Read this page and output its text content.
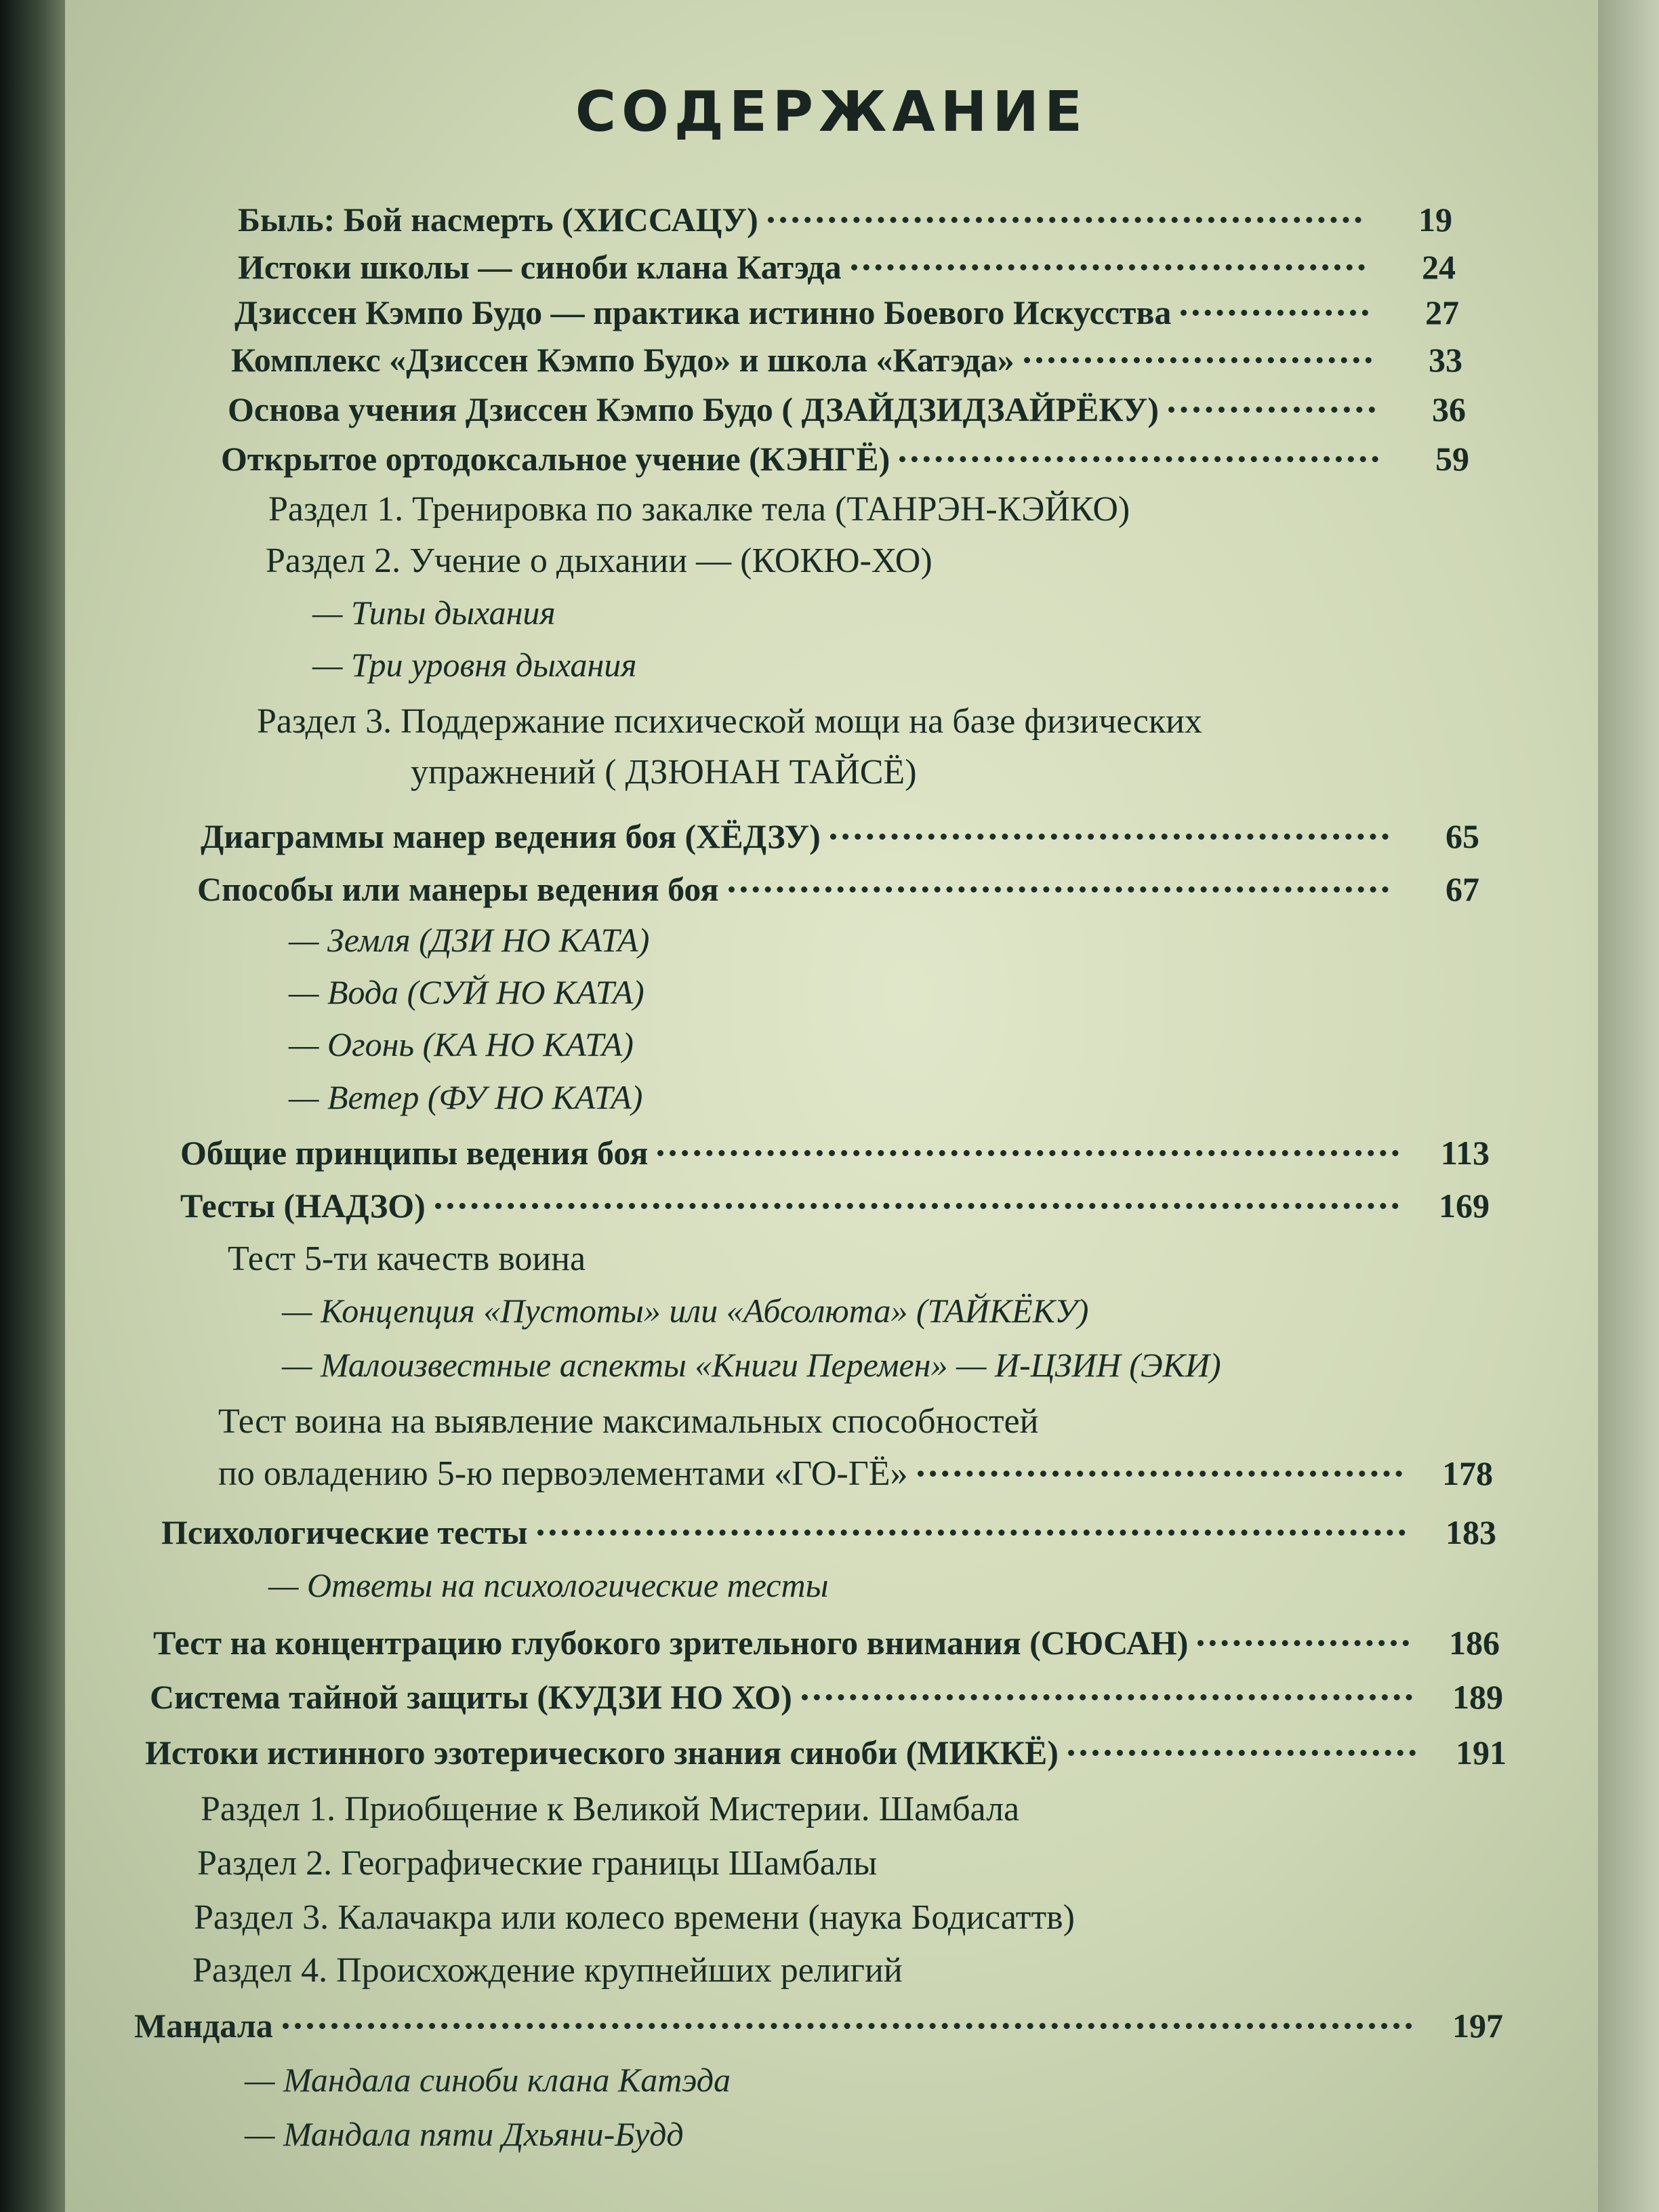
СОДЕРЖАНИЕ
Быль: Бой насмерть (ХИССАЦУ)	19
Истоки школы — синоби клана Катэда	24
Дзиссен Кэмпо Будо — практика истинно Боевого Искусства	27
Комплекс «Дзиссен Кэмпо Будо» и школа «Катэда»	33
Основа учения Дзиссен Кэмпо Будо ( ДЗАЙДЗИДЗАЙРЁКУ)	36
Открытое ортодоксальное учение (КЭНГЁ)	59
Раздел 1. Тренировка по закалке тела (ТАНРЭН-КЭЙКО)
Раздел 2. Учение о дыхании — (КОКЮ-ХО)
— Типы дыхания
— Три уровня дыхания
Раздел 3. Поддержание психической мощи на базе физических
упражнений ( ДЗЮНАН ТАЙСЁ)
Диаграммы манер ведения боя (ХЁДЗУ)	65
Способы или манеры ведения боя	67
— Земля (ДЗИ НО КАТА)
— Вода (СУЙ НО КАТА)
— Огонь (КА НО КАТА)
— Ветер (ФУ НО КАТА)
Общие принципы ведения боя	113
Тесты (НАДЗО)	169
Тест 5-ти качеств воина
— Концепция «Пустоты» или «Абсолюта» (ТАЙКЁКУ)
— Малоизвестные аспекты «Книги Перемен» — И-ЦЗИН (ЭКИ)
Тест воина на выявление максимальных способностей
по овладению 5-ю первоэлементами «ГО-ГЁ»	178
Психологические тесты	183
— Ответы на психологические тесты
Тест на концентрацию глубокого зрительного внимания (СЮСАН)	186
Система тайной защиты (КУДЗИ НО ХО)	189
Истоки истинного эзотерического знания синоби (МИККЁ)	191
Раздел 1. Приобщение к Великой Мистерии. Шамбала
Раздел 2. Географические границы Шамбалы
Раздел 3. Калачакра или колесо времени (наука Бодисаттв)
Раздел 4. Происхождение крупнейших религий
Мандала	197
— Мандала синоби клана Катэда
— Мандала пяти Дхьяни-Будд
